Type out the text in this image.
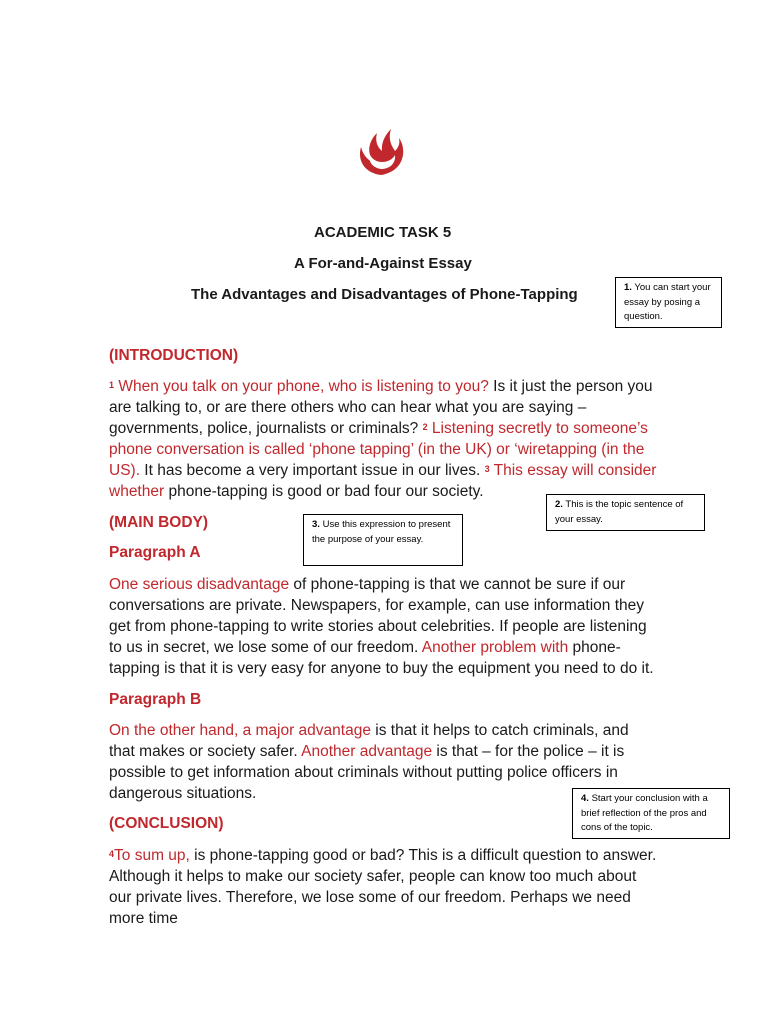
ACADEMIC TASK 5
A For-and-Against Essay
The Advantages and Disadvantages of Phone-Tapping	1. You can start your essay by posing a question.
(INTRODUCTION)
$^1$ When you talk on your phone, who is listening to you? Is it just the person you are talking to, or are there others who can hear what you are saying – governments, police, journalists or criminals? $^2$ Listening secretly to someone’s phone conversation is called ‘phone tapping’ (in the UK) or ‘wiretapping (in the US). It has become a very important issue in our lives. $^3$ This essay will consider whether phone-tapping is good or bad four our society.
2. This is the topic sentence of your essay.
(MAIN BODY)	3. Use this expression to present the purpose of your essay.
Paragraph A
One serious disadvantage of phone-tapping is that we cannot be sure if our conversations are private. Newspapers, for example, can use information they get from phone-tapping to write stories about celebrities. If people are listening to us in secret, we lose some of our freedom. Another problem with phone-tapping is that it is very easy for anyone to buy the equipment you need to do it.
Paragraph B
On the other hand, a major advantage is that it helps to catch criminals, and that makes or society safer. Another advantage is that – for the police – it is possible to get information about criminals without putting police officers in dangerous situations.	4. Start your conclusion with a brief reflection of the pros and cons of the topic.
(CONCLUSION)
$^4$To sum up, is phone-tapping good or bad? This is a difficult question to answer. Although it helps to make our society safer, people can know too much about our private lives. Therefore, we lose some of our freedom. Perhaps we need more time
